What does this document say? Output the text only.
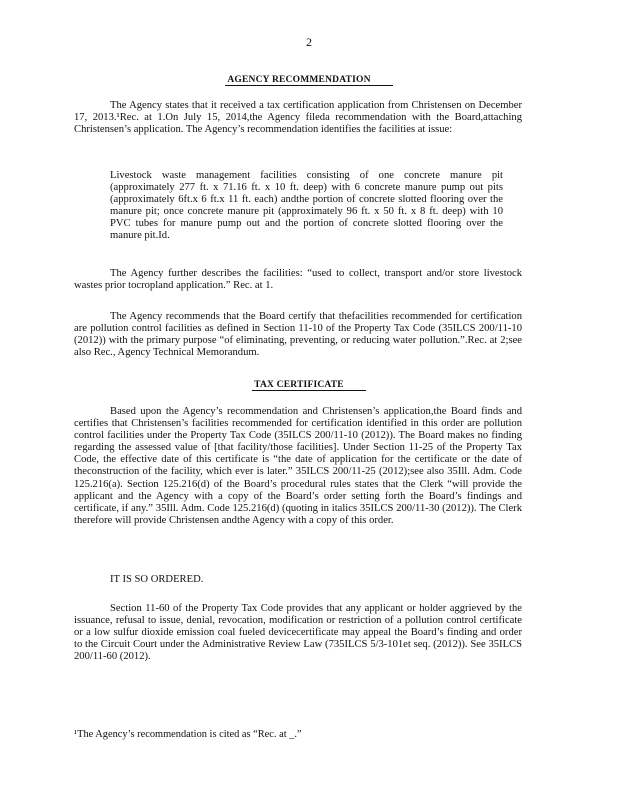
2
AGENCY RECOMMENDATION

The Agency states that it received a tax certification application from Christensen on December 17, 2013.¹Rec. at 1.On July 15, 2014,the Agency fileda recommendation with the Board,attaching Christensen’s application. The Agency’s recommendation identifies the facilities at issue:

Livestock waste management facilities consisting of one concrete manure pit (approximately 277 ft. x 71.16 ft. x 10 ft. deep) with 6 concrete manure pump out pits (approximately 6ft.x 6 ft.x 11 ft. each) andthe portion of concrete slotted flooring over the manure pit; once concrete manure pit (approximately 96 ft. x 50 ft. x 8 ft. deep) with 10 PVC tubes for manure pump out and the portion of concrete slotted flooring over the manure pit.Id.

The Agency further describes the facilities: “used to collect, transport and/or store livestock wastes prior tocropland application.” Rec. at 1.

The Agency recommends that the Board certify that thefacilities recommended for certification are pollution control facilities as defined in Section 11-10 of the Property Tax Code (35ILCS 200/11-10 (2012)) with the primary purpose “of eliminating, preventing, or reducing water pollution.”.Rec. at 2;see also Rec., Agency Technical Memorandum.

TAX CERTIFICATE

Based upon the Agency’s recommendation and Christensen’s application,the Board finds and certifies that Christensen’s facilities recommended for certification identified in this order are pollution control facilities under the Property Tax Code (35ILCS 200/11-10 (2012)). The Board makes no finding regarding the assessed value of [that facility/those facilities]. Under Section 11-25 of the Property Tax Code, the effective date of this certificate is “the date of application for the certificate or the date of theconstruction of the facility, which ever is later.” 35ILCS 200/11-25 (2012);see also 35Ill. Adm. Code 125.216(a). Section 125.216(d) of the Board’s procedural rules states that the Clerk “will provide the applicant and the Agency with a copy of the Board’s order setting forth the Board’s findings and certificate, if any.” 35Ill. Adm. Code 125.216(d) (quoting in italics 35ILCS 200/11-30 (2012)). The Clerk therefore will provide Christensen andthe Agency with a copy of this order.

IT IS SO ORDERED.

Section 11-60 of the Property Tax Code provides that any applicant or holder aggrieved by the issuance, refusal to issue, denial, revocation, modification or restriction of a pollution control certificate or a low sulfur dioxide emission coal fueled devicecertificate may appeal the Board’s finding and order to the Circuit Court under the Administrative Review Law (735ILCS 5/3-101et seq. (2012)). See 35ILCS 200/11-60 (2012).

¹The Agency’s recommendation is cited as “Rec. at _.”
